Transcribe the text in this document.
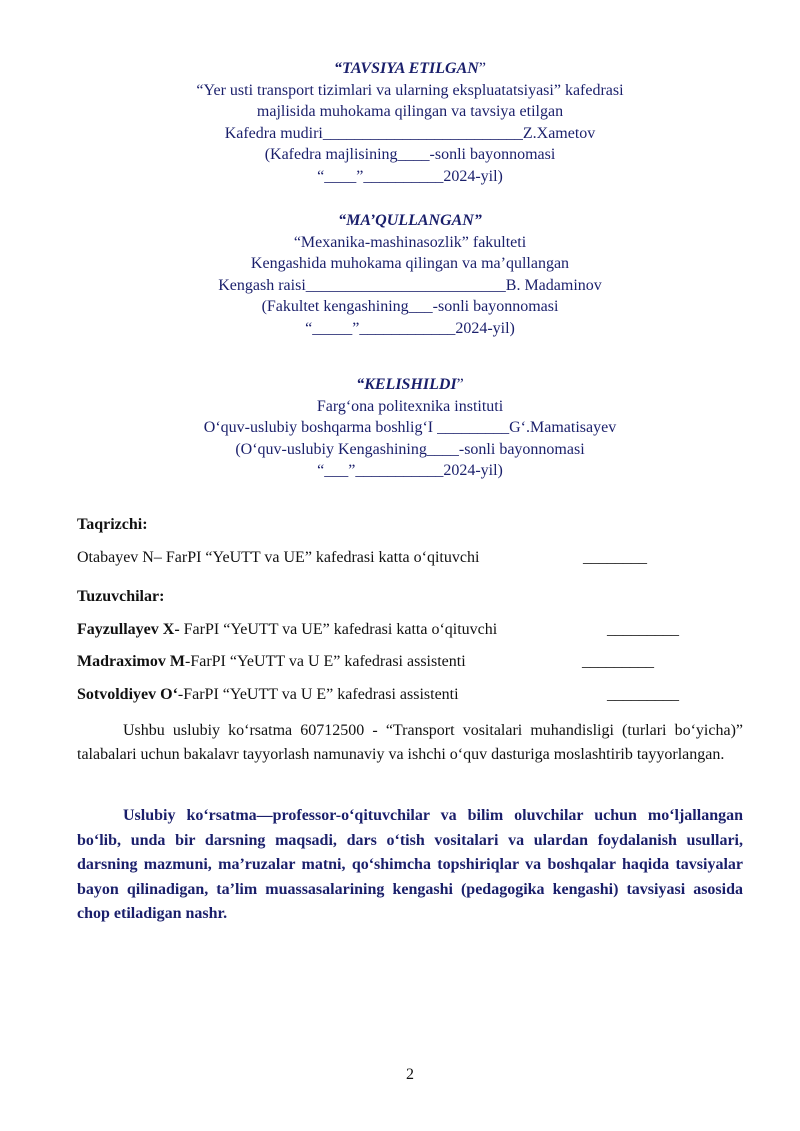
“TAVSIYA ETILGAN”
“Yer usti transport tizimlari va ularning ekspluatatsiyasi” kafedrasi
majlisida muhokama qilingan va tavsiya etilgan
Kafedra mudiri_________________________Z.Xametov
(Kafedra majlisining____-sonli bayonnomasi
“____”__________2024-yil)
“MA’QULLANGAN”
“Mexanika-mashinasozlik” fakulteti
Kengashida muhokama qilingan va ma’qullangan
Kengash raisi_________________________B. Madaminov
(Fakultet kengashining___-sonli bayonnomasi
“_____”____________2024-yil)
“KELISHILDI”
Farg‘ona politexnika instituti
O‘quv-uslubiy boshqarma boshlig‘I _________G‘.Mamatisayev
(O‘quv-uslubiy Kengashining____-sonli bayonnomasi
“___”___________2024-yil)
Taqrizchi:
Otabayev N– FarPI “YeUTT va UE” kafedrasi katta o‘qituvchi	________
Tuzuvchilar:
Fayzullayev X- FarPI “YeUTT va UE” kafedrasi katta o‘qituvchi	_________
Madraximov M-FarPI “YeUTT va U E” kafedrasi assistenti	_________
Sotvoldiyev O‘-FarPI “YeUTT va U E” kafedrasi assistenti	_________
Ushbu uslubiy ko‘rsatma 60712500 - “Transport vositalari muhandisligi (turlari bo‘yicha)” talabalari uchun bakalavr tayyorlash namunaviy va ishchi o‘quv dasturiga moslashtirib tayyorlangan.
Uslubiy ko‘rsatma—professor-o‘qituvchilar va bilim oluvchilar uchun mo‘ljallangan bo‘lib, unda bir darsning maqsadi, dars o‘tish vositalari va ulardan foydalanish usullari, darsning mazmuni, ma’ruzalar matni, qo‘shimcha topshiriqlar va boshqalar haqida tavsiyalar bayon qilinadigan, ta’lim muassasalarining kengashi (pedagogika kengashi) tavsiyasi asosida chop etiladigan nashr.
2
